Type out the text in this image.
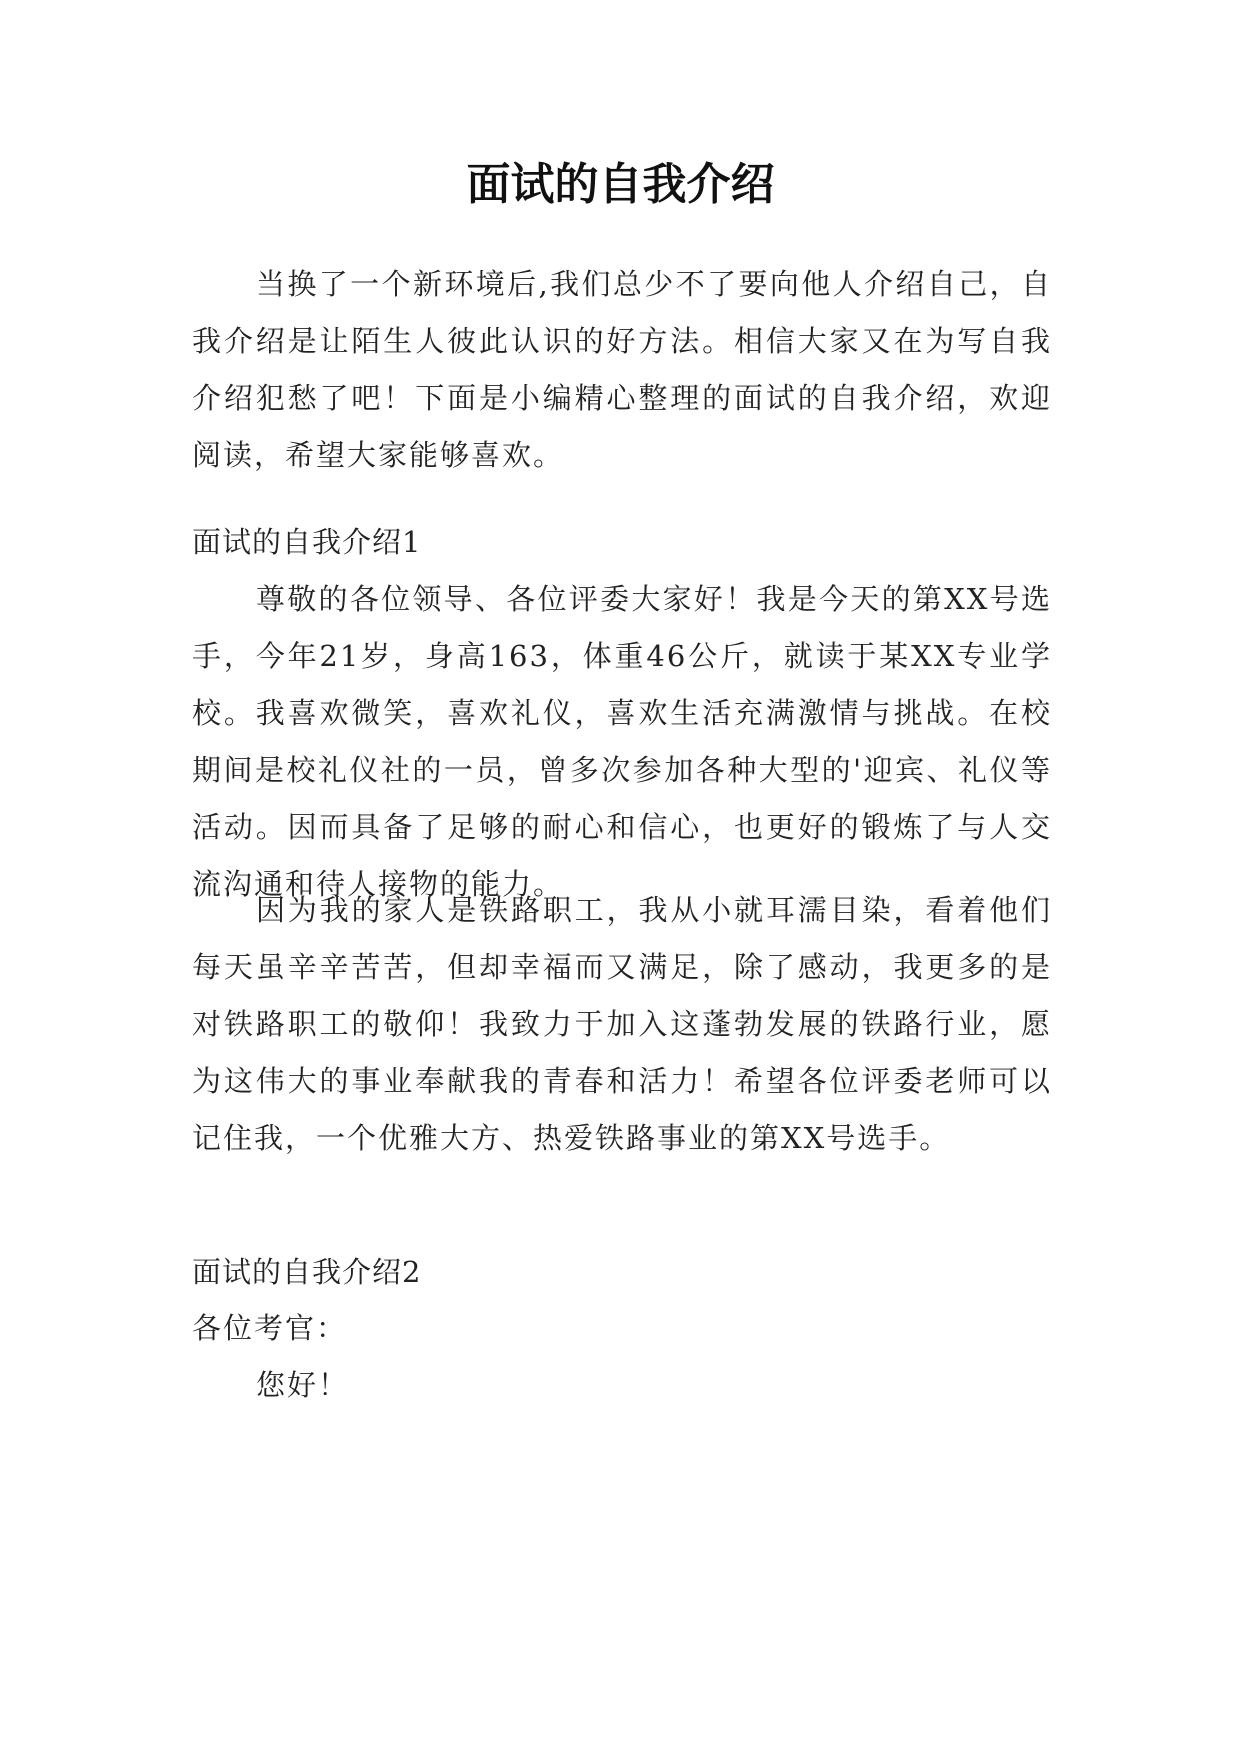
面试的自我介绍

当换了一个新环境后,我们总少不了要向他人介绍自己，自我介绍是让陌生人彼此认识的好方法。相信大家又在为写自我介绍犯愁了吧！下面是小编精心整理的面试的自我介绍，欢迎阅读，希望大家能够喜欢。

面试的自我介绍1

尊敬的各位领导、各位评委大家好！我是今天的第XX号选手，今年21岁，身高163，体重46公斤，就读于某XX专业学校。我喜欢微笑，喜欢礼仪，喜欢生活充满激情与挑战。在校期间是校礼仪社的一员，曾多次参加各种大型的'迎宾、礼仪等活动。因而具备了足够的耐心和信心，也更好的锻炼了与人交流沟通和待人接物的能力。

因为我的家人是铁路职工，我从小就耳濡目染，看着他们每天虽辛辛苦苦，但却幸福而又满足，除了感动，我更多的是对铁路职工的敬仰！我致力于加入这蓬勃发展的铁路行业，愿为这伟大的事业奉献我的青春和活力！希望各位评委老师可以记住我，一个优雅大方、热爱铁路事业的第XX号选手。

面试的自我介绍2
各位考官：
您好！
